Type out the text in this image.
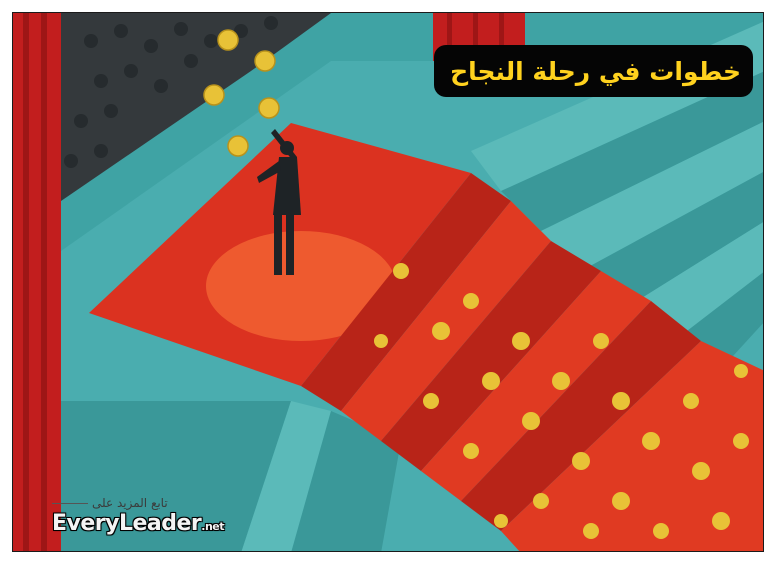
خطوات في رحلة النجاح
تابع المزيد على
EveryLeader.net
